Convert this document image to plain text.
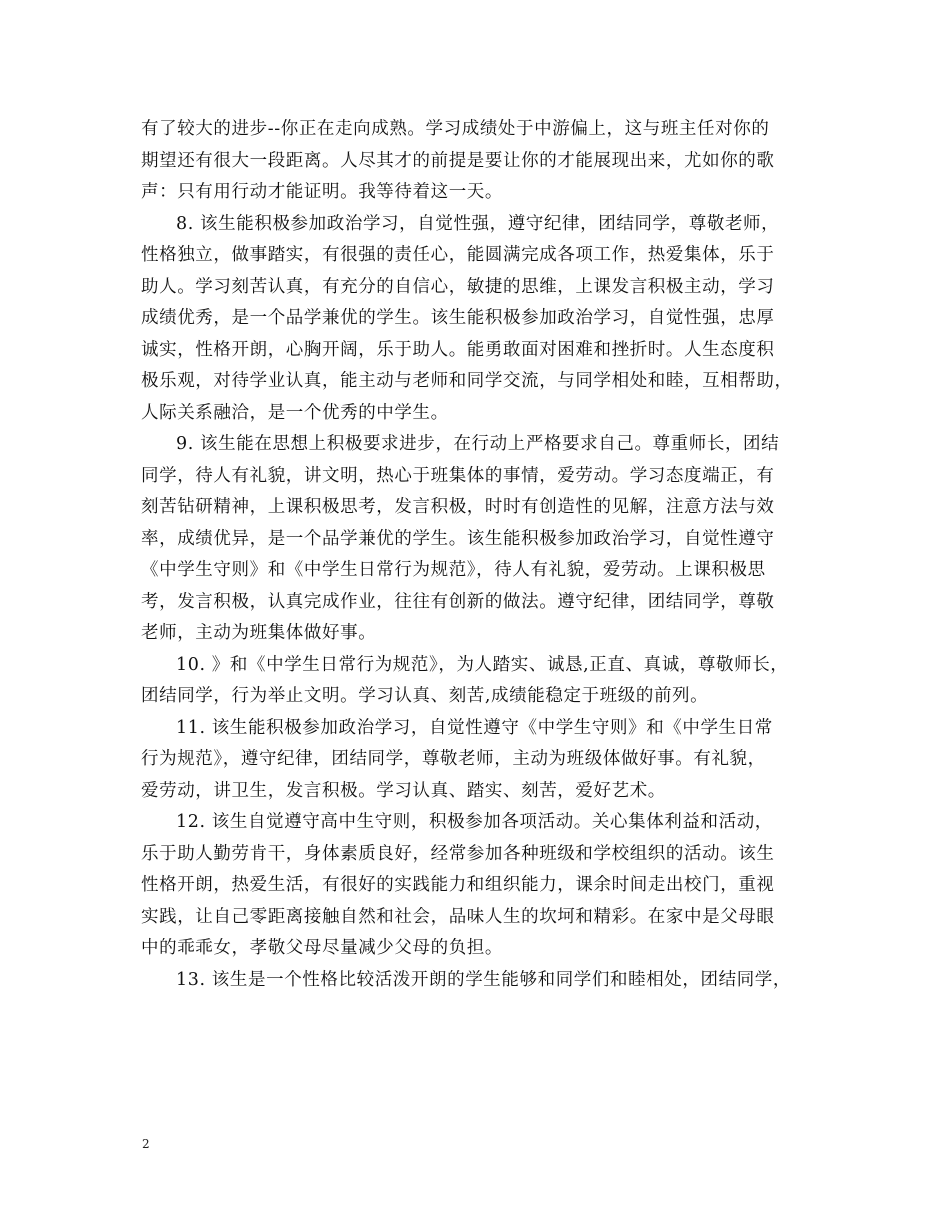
有了较大的进步--你正在走向成熟。学习成绩处于中游偏上，这与班主任对你的
期望还有很大一段距离。人尽其才的前提是要让你的才能展现出来，尤如你的歌
声：只有用行动才能证明。我等待着这一天。

8. 该生能积极参加政治学习，自觉性强，遵守纪律，团结同学，尊敬老师，
性格独立，做事踏实，有很强的责任心，能圆满完成各项工作，热爱集体，乐于
助人。学习刻苦认真，有充分的自信心，敏捷的思维，上课发言积极主动，学习
成绩优秀，是一个品学兼优的学生。该生能积极参加政治学习，自觉性强，忠厚
诚实，性格开朗，心胸开阔，乐于助人。能勇敢面对困难和挫折时。人生态度积
极乐观，对待学业认真，能主动与老师和同学交流，与同学相处和睦，互相帮助，
人际关系融洽，是一个优秀的中学生。

9. 该生能在思想上积极要求进步，在行动上严格要求自己。尊重师长，团结
同学，待人有礼貌，讲文明，热心于班集体的事情，爱劳动。学习态度端正，有
刻苦钻研精神，上课积极思考，发言积极，时时有创造性的见解，注意方法与效
率，成绩优异，是一个品学兼优的学生。该生能积极参加政治学习，自觉性遵守
《中学生守则》和《中学生日常行为规范》，待人有礼貌，爱劳动。上课积极思
考，发言积极，认真完成作业，往往有创新的做法。遵守纪律，团结同学，尊敬
老师，主动为班集体做好事。

10. 》和《中学生日常行为规范》，为人踏实、诚恳,正直、真诚，尊敬师长，
团结同学，行为举止文明。学习认真、刻苦,成绩能稳定于班级的前列。

11. 该生能积极参加政治学习，自觉性遵守《中学生守则》和《中学生日常
行为规范》，遵守纪律，团结同学，尊敬老师，主动为班级体做好事。有礼貌，
爱劳动，讲卫生，发言积极。学习认真、踏实、刻苦，爱好艺术。

12. 该生自觉遵守高中生守则，积极参加各项活动。关心集体利益和活动，
乐于助人勤劳肯干，身体素质良好，经常参加各种班级和学校组织的活动。该生
性格开朗，热爱生活，有很好的实践能力和组织能力，课余时间走出校门，重视
实践，让自己零距离接触自然和社会，品味人生的坎坷和精彩。在家中是父母眼
中的乖乖女，孝敬父母尽量减少父母的负担。

13. 该生是一个性格比较活泼开朗的学生能够和同学们和睦相处，团结同学，

2
